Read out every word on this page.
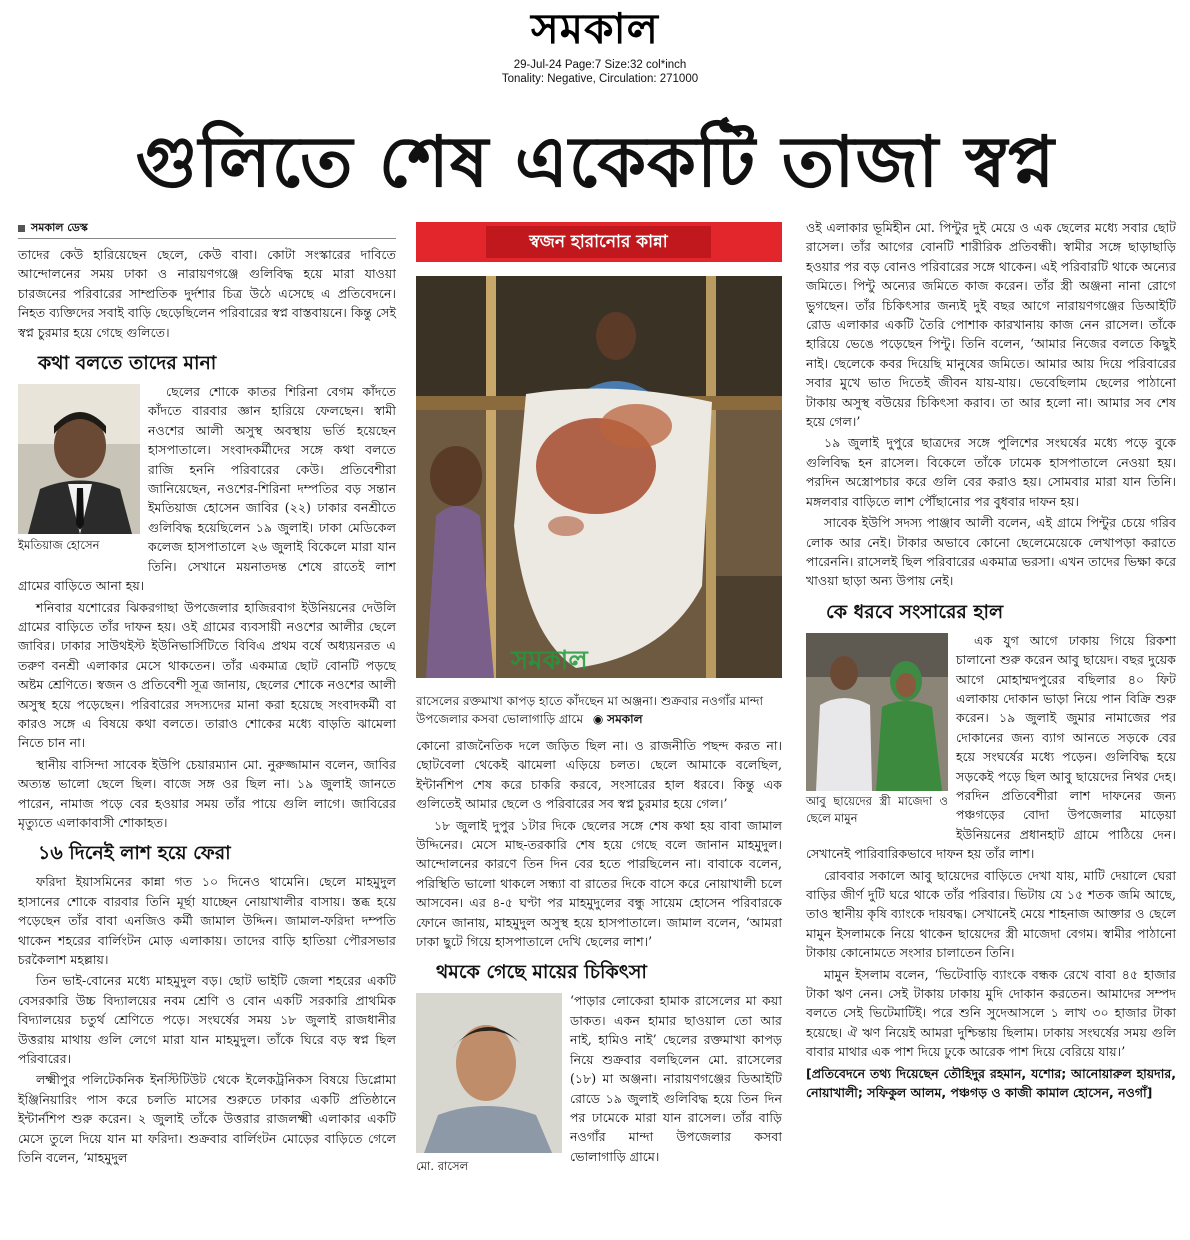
সমকাল
29-Jul-24 Page:7 Size:32 col*inch
Tonality: Negative, Circulation: 271000
গুলিতে শেষ একেকটি তাজা স্বপ্ন
সমকাল ডেস্ক

তাদের কেউ হারিয়েছেন ছেলে, কেউ বাবা। কোটা সংস্কারের দাবিতে আন্দোলনের সময় ঢাকা ও নারায়ণগঞ্জে গুলিবিদ্ধ হয়ে মারা যাওয়া চারজনের পরিবারের সাম্প্রতিক দুর্দশার চিত্র উঠে এসেছে এ প্রতিবেদনে। নিহত ব্যক্তিদের সবাই বাড়ি ছেড়েছিলেন পরিবারের স্বপ্ন বাস্তবায়নে। কিন্তু সেই স্বপ্ন চুরমার হয়ে গেছে গুলিতে।

কথা বলতে তাদের মানা
ইমতিয়াজ হোসেন

ছেলের শোকে কাতর শিরিনা বেগম কাঁদতে কাঁদতে বারবার জ্ঞান হারিয়ে ফেলছেন। স্বামী নওশের আলী অসুস্থ অবস্থায় ভর্তি হয়েছেন হাসপাতালে। সংবাদকর্মীদের সঙ্গে কথা বলতে রাজি হননি পরিবারের কেউ। প্রতিবেশীরা জানিয়েছেন, নওশের-শিরিনা দম্পতির বড় সন্তান ইমতিয়াজ হোসেন জাবির (২২) ঢাকার বনশ্রীতে গুলিবিদ্ধ হয়েছিলেন ১৯ জুলাই। ঢাকা মেডিকেল কলেজ হাসপাতালে ২৬ জুলাই বিকেলে মারা যান তিনি। সেখানে ময়নাতদন্ত শেষে রাতেই লাশ গ্রামের বাড়িতে আনা হয়।

শনিবার যশোরের ঝিকরগাছা উপজেলার হাজিরবাগ ইউনিয়নের দেউলি গ্রামের বাড়িতে তাঁর দাফন হয়। ওই গ্রামের ব্যবসায়ী নওশের আলীর ছেলে জাবির। ঢাকার সাউথইস্ট ইউনিভার্সিটিতে বিবিএ প্রথম বর্ষে অধ্যয়নরত এ তরুণ বনশ্রী এলাকার মেসে থাকতেন। তাঁর একমাত্র ছোট বোনটি পড়ছে অষ্টম শ্রেণিতে। স্বজন ও প্রতিবেশী সূত্র জানায়, ছেলের শোকে নওশের আলী অসুস্থ হয়ে পড়েছেন। পরিবারের সদস্যদের মানা করা হয়েছে সংবাদকর্মী বা কারও সঙ্গে এ বিষয়ে কথা বলতে। তারাও শোকের মধ্যে বাড়তি ঝামেলা নিতে চান না।

স্থানীয় বাসিন্দা সাবেক ইউপি চেয়ারম্যান মো. নুরুজ্জামান বলেন, জাবির অত্যন্ত ভালো ছেলে ছিল। বাজে সঙ্গ ওর ছিল না। ১৯ জুলাই জানতে পারেন, নামাজ পড়ে বের হওয়ার সময় তাঁর পায়ে গুলি লাগে। জাবিরের মৃত্যুতে এলাকাবাসী শোকাহত।

১৬ দিনেই লাশ হয়ে ফেরা

ফরিদা ইয়াসমিনের কান্না গত ১০ দিনেও থামেনি। ছেলে মাহমুদুল হাসানের শোকে বারবার তিনি মূর্ছা যাচ্ছেন নোয়াখালীর বাসায়। স্তব্ধ হয়ে পড়েছেন তাঁর বাবা এনজিও কর্মী জামাল উদ্দিন। জামাল-ফরিদা দম্পতি থাকেন শহরের বার্লিংটন মোড় এলাকায়। তাদের বাড়ি হাতিয়া পৌরসভার চরকৈলাশ মহল্লায়।

তিন ভাই-বোনের মধ্যে মাহমুদুল বড়। ছোট ভাইটি জেলা শহরের একটি বেসরকারি উচ্চ বিদ্যালয়ের নবম শ্রেণি ও বোন একটি সরকারি প্রাথমিক বিদ্যালয়ের চতুর্থ শ্রেণিতে পড়ে। সংঘর্ষের সময় ১৮ জুলাই রাজধানীর উত্তরায় মাথায় গুলি লেগে মারা যান মাহমুদুল। তাঁকে ঘিরে বড় স্বপ্ন ছিল পরিবারের।

লক্ষ্মীপুর পলিটেকনিক ইনস্টিটিউট থেকে ইলেকট্রনিকস বিষয়ে ডিপ্লোমা ইঞ্জিনিয়ারিং পাস করে চলতি মাসের শুরুতে ঢাকার একটি প্রতিষ্ঠানে ইন্টার্নশিপ শুরু করেন। ২ জুলাই তাঁকে উত্তরার রাজলক্ষ্মী এলাকার একটি মেসে তুলে দিয়ে যান মা ফরিদা। শুক্রবার বার্লিংটন মোড়ের বাড়িতে গেলে তিনি বলেন, ‘মাহমুদুল

স্বজন হারানোর কান্না
সমকাল
রাসেলের রক্তমাখা কাপড় হাতে কাঁদছেন মা অঞ্জনা। শুক্রবার নওগাঁর মান্দা উপজেলার কসবা ভোলাগাড়ি গ্রামে ◉ সমকাল

কোনো রাজনৈতিক দলে জড়িত ছিল না। ও রাজনীতি পছন্দ করত না। ছোটবেলা থেকেই ঝামেলা এড়িয়ে চলত। ছেলে আমাকে বলেছিল, ইন্টার্নশিপ শেষ করে চাকরি করবে, সংসারের হাল ধরবে। কিন্তু এক গুলিতেই আমার ছেলে ও পরিবারের সব স্বপ্ন চুরমার হয়ে গেল।’

১৮ জুলাই দুপুর ১টার দিকে ছেলের সঙ্গে শেষ কথা হয় বাবা জামাল উদ্দিনের। মেসে মাছ-তরকারি শেষ হয়ে গেছে বলে জানান মাহমুদুল। আন্দোলনের কারণে তিন দিন বের হতে পারছিলেন না। বাবাকে বলেন, পরিস্থিতি ভালো থাকলে সন্ধ্যা বা রাতের দিকে বাসে করে নোয়াখালী চলে আসবেন। এর ৪-৫ ঘণ্টা পর মাহমুদুলের বন্ধু সায়েম হোসেন পরিবারকে ফোনে জানায়, মাহমুদুল অসুস্থ হয়ে হাসপাতালে। জামাল বলেন, ‘আমরা ঢাকা ছুটে গিয়ে হাসপাতালে দেখি ছেলের লাশ।’

থমকে গেছে মায়ের চিকিৎসা
মো. রাসেল

‘পাড়ার লোকেরা হামাক রাসেলের মা কয়া ডাকত। একন হামার ছাওয়াল তো আর নাই, হামিও নাই’ ছেলের রক্তমাখা কাপড় নিয়ে শুক্রবার বলছিলেন মো. রাসেলের (১৮) মা অঞ্জনা। নারায়ণগঞ্জের ডিআইটি রোডে ১৯ জুলাই গুলিবিদ্ধ হয়ে তিন দিন পর ঢামেকে মারা যান রাসেল। তাঁর বাড়ি নওগাঁর মান্দা উপজেলার কসবা ভোলাগাড়ি গ্রামে।

ওই এলাকার ভূমিহীন মো. পিন্টুর দুই মেয়ে ও এক ছেলের মধ্যে সবার ছোট রাসেল। তাঁর আগের বোনটি শারীরিক প্রতিবন্ধী। স্বামীর সঙ্গে ছাড়াছাড়ি হওয়ার পর বড় বোনও পরিবারের সঙ্গে থাকেন। এই পরিবারটি থাকে অন্যের জমিতে। পিন্টু অন্যের জমিতে কাজ করেন। তাঁর স্ত্রী অঞ্জনা নানা রোগে ভুগছেন। তাঁর চিকিৎসার জন্যই দুই বছর আগে নারায়ণগঞ্জের ডিআইটি রোড এলাকার একটি তৈরি পোশাক কারখানায় কাজ নেন রাসেল। তাঁকে হারিয়ে ভেঙে পড়েছেন পিন্টু। তিনি বলেন, ‘আমার নিজের বলতে কিছুই নাই। ছেলেকে কবর দিয়েছি মানুষের জমিতে। আমার আয় দিয়ে পরিবারের সবার মুখে ভাত দিতেই জীবন যায়-যায়। ভেবেছিলাম ছেলের পাঠানো টাকায় অসুস্থ বউয়ের চিকিৎসা করাব। তা আর হলো না। আমার সব শেষ হয়ে গেল।’

১৯ জুলাই দুপুরে ছাত্রদের সঙ্গে পুলিশের সংঘর্ষের মধ্যে পড়ে বুকে গুলিবিদ্ধ হন রাসেল। বিকেলে তাঁকে ঢামেক হাসপাতালে নেওয়া হয়। পরদিন অস্ত্রোপচার করে গুলি বের করাও হয়। সোমবার মারা যান তিনি। মঙ্গলবার বাড়িতে লাশ পৌঁছানোর পর বুধবার দাফন হয়।

সাবেক ইউপি সদস্য পাঞ্জাব আলী বলেন, এই গ্রামে পিন্টুর চেয়ে গরিব লোক আর নেই। টাকার অভাবে কোনো ছেলেমেয়েকে লেখাপড়া করাতে পারেননি। রাসেলই ছিল পরিবারের একমাত্র ভরসা। এখন তাদের ভিক্ষা করে খাওয়া ছাড়া অন্য উপায় নেই।

কে ধরবে সংসারের হাল
আবু ছায়েদের স্ত্রী মাজেদা ও ছেলে মামুন

এক যুগ আগে ঢাকায় গিয়ে রিকশা চালানো শুরু করেন আবু ছায়েদ। বছর দুয়েক আগে মোহাম্মদপুরের বছিলার ৪০ ফিট এলাকায় দোকান ভাড়া নিয়ে পান বিক্রি শুরু করেন। ১৯ জুলাই জুমার নামাজের পর দোকানের জন্য ব্যাগ আনতে সড়কে বের হয়ে সংঘর্ষের মধ্যে পড়েন। গুলিবিদ্ধ হয়ে সড়কেই পড়ে ছিল আবু ছায়েদের নিথর দেহ। পরদিন প্রতিবেশীরা লাশ দাফনের জন্য পঞ্চগড়ের বোদা উপজেলার মাড়েয়া ইউনিয়নের প্রধানহাট গ্রামে পাঠিয়ে দেন। সেখানেই পারিবারিকভাবে দাফন হয় তাঁর লাশ।

রোববার সকালে আবু ছায়েদের বাড়িতে দেখা যায়, মাটি দেয়ালে ঘেরা বাড়ির জীর্ণ দুটি ঘরে থাকে তাঁর পরিবার। ভিটায় যে ১৫ শতক জমি আছে, তাও স্থানীয় কৃষি ব্যাংকে দায়বদ্ধ। সেখানেই মেয়ে শাহনাজ আক্তার ও ছেলে মামুন ইসলামকে নিয়ে থাকেন ছায়েদের স্ত্রী মাজেদা বেগম। স্বামীর পাঠানো টাকায় কোনোমতে সংসার চালাতেন তিনি।

মামুন ইসলাম বলেন, ‘ভিটেবাড়ি ব্যাংকে বন্ধক রেখে বাবা ৪৫ হাজার টাকা ঋণ নেন। সেই টাকায় ঢাকায় মুদি দোকান করতেন। আমাদের সম্পদ বলতে সেই ভিটেমাটিই। পরে শুনি সুদেআসলে ১ লাখ ৩০ হাজার টাকা হয়েছে। ঐ ঋণ নিয়েই আমরা দুশ্চিন্তায় ছিলাম। ঢাকায় সংঘর্ষের সময় গুলি বাবার মাথার এক পাশ দিয়ে ঢুকে আরেক পাশ দিয়ে বেরিয়ে যায়।’

[প্রতিবেদনে তথ্য দিয়েছেন তৌহিদুর রহমান, যশোর; আনোয়ারুল হায়দার, নোয়াখালী; সফিকুল আলম, পঞ্চগড় ও কাজী কামাল হোসেন, নওগাঁ]
